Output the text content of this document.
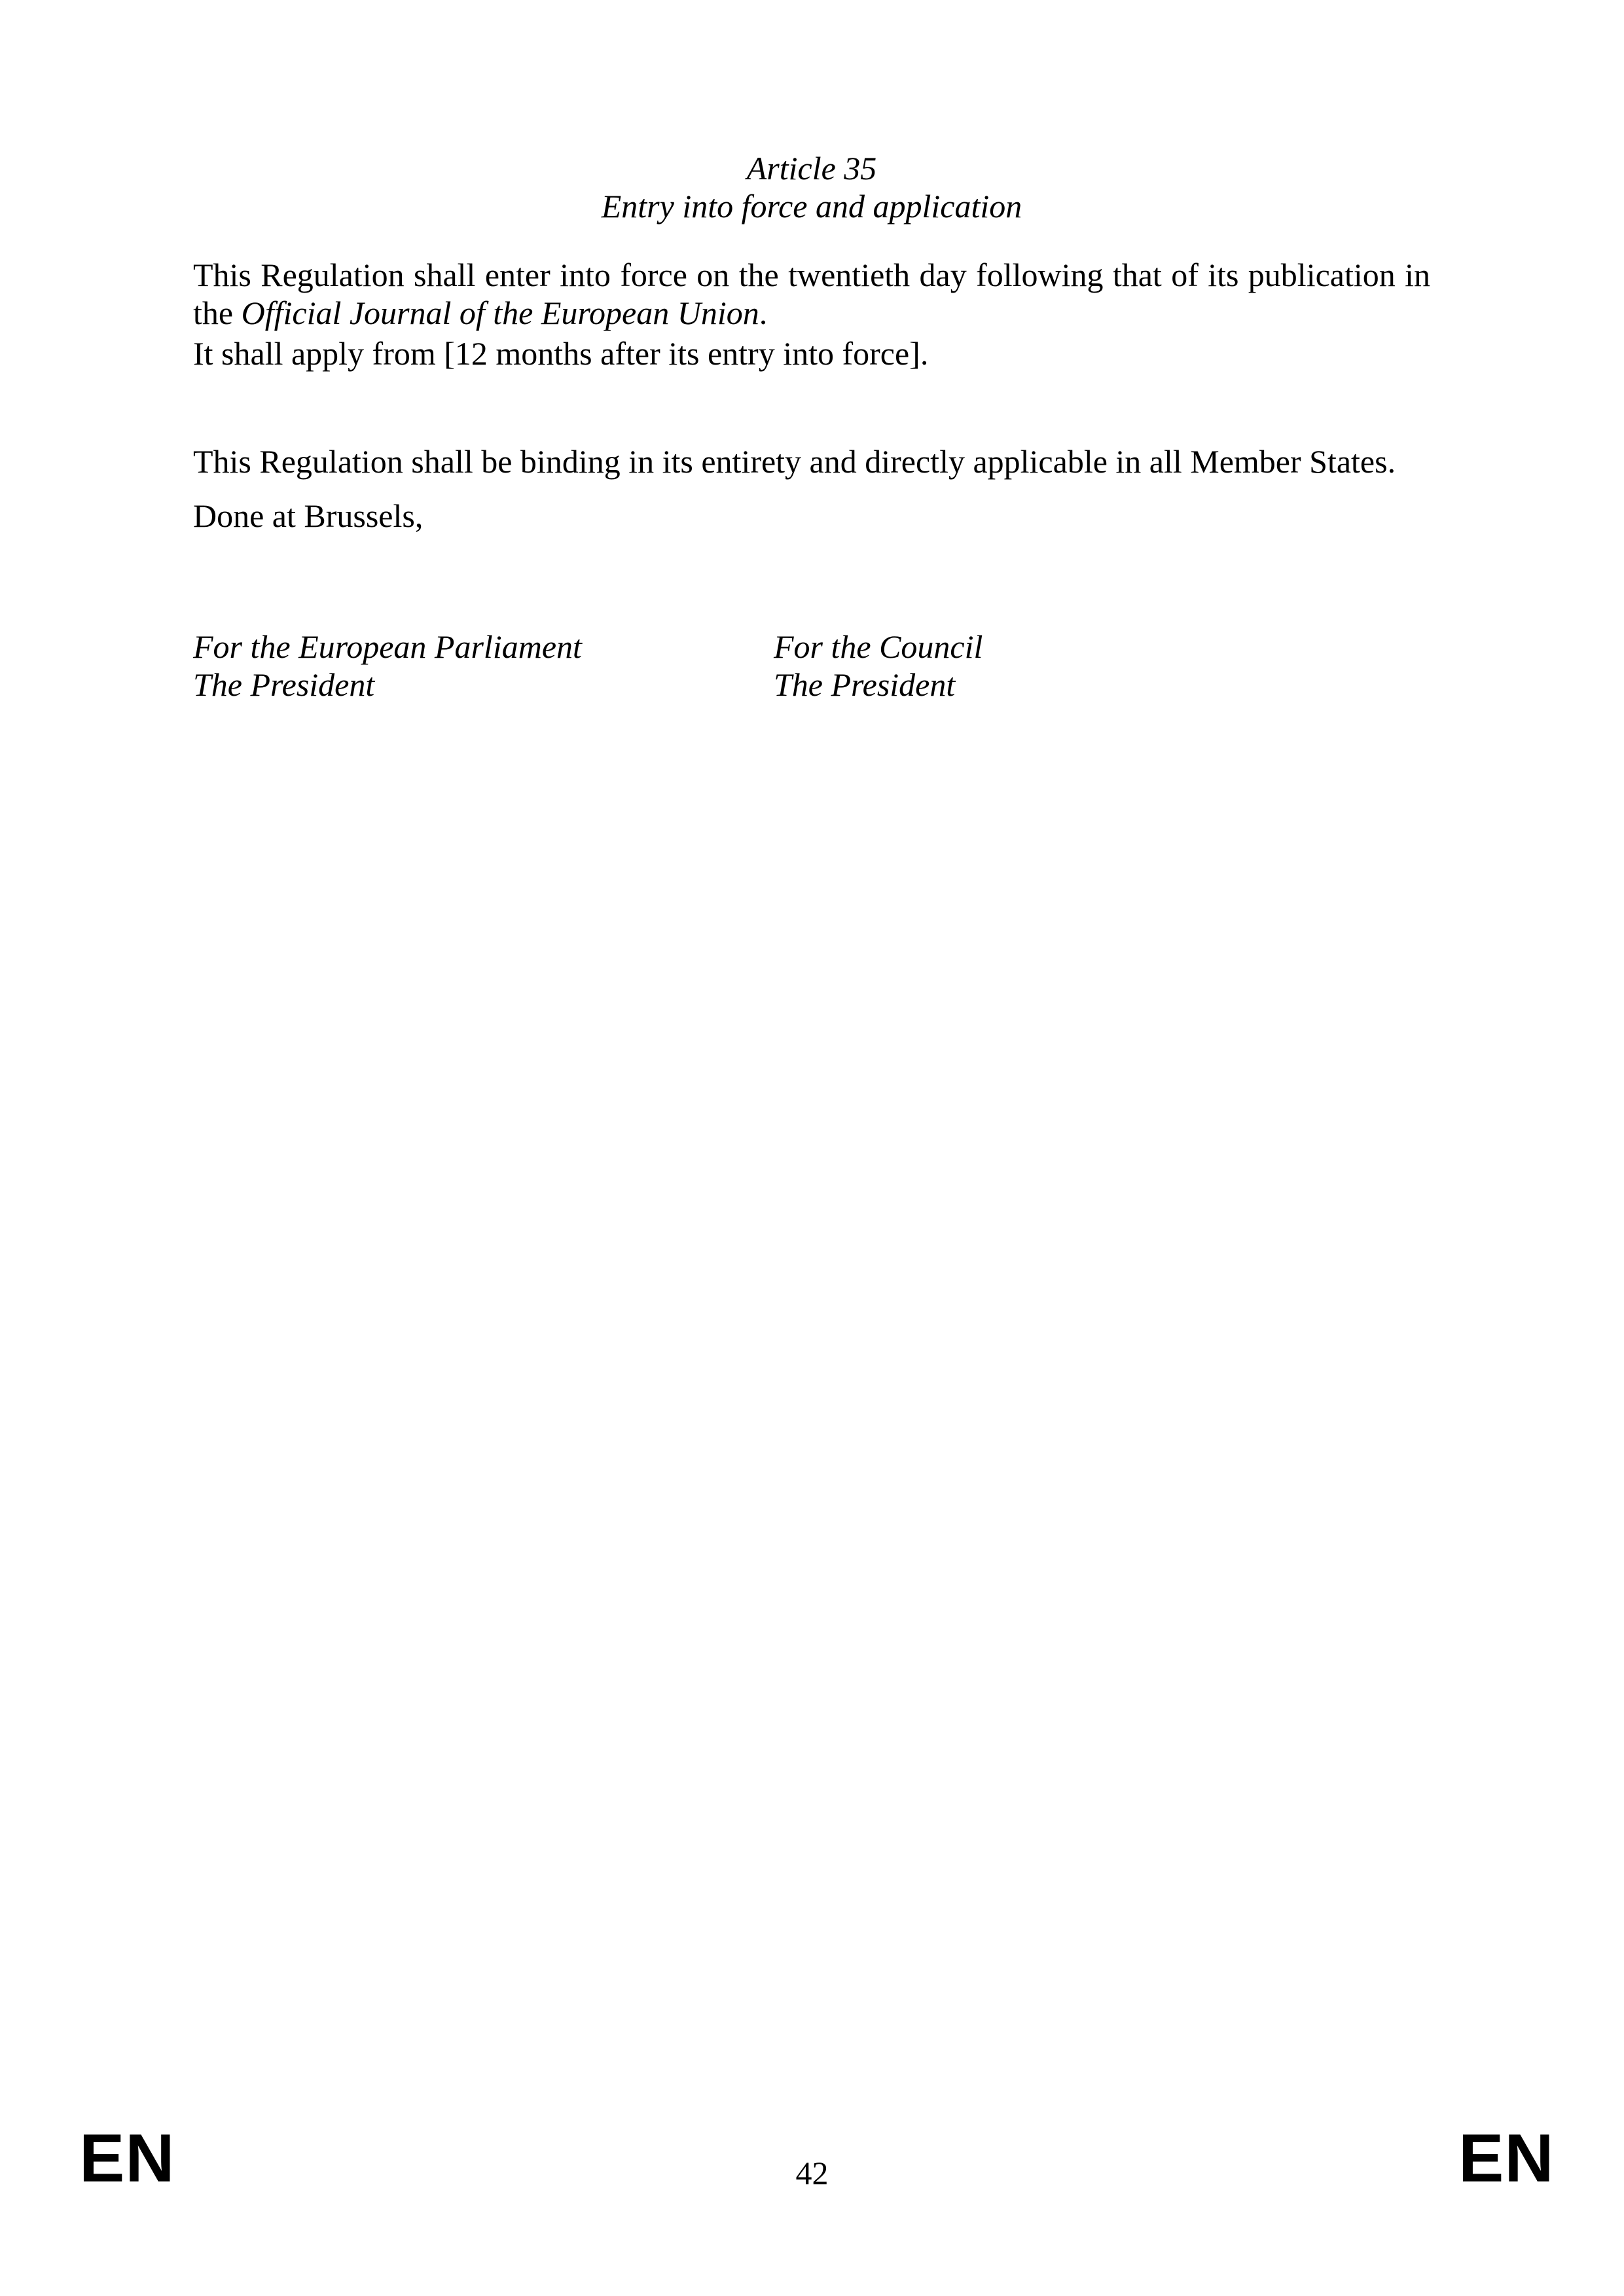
Article 35
Entry into force and application

This Regulation shall enter into force on the twentieth day following that of its publication in the Official Journal of the European Union.

It shall apply from [12 months after its entry into force].

This Regulation shall be binding in its entirety and directly applicable in all Member States.

Done at Brussels,

For the European Parliament
The President
For the Council
The President
EN	42	EN
